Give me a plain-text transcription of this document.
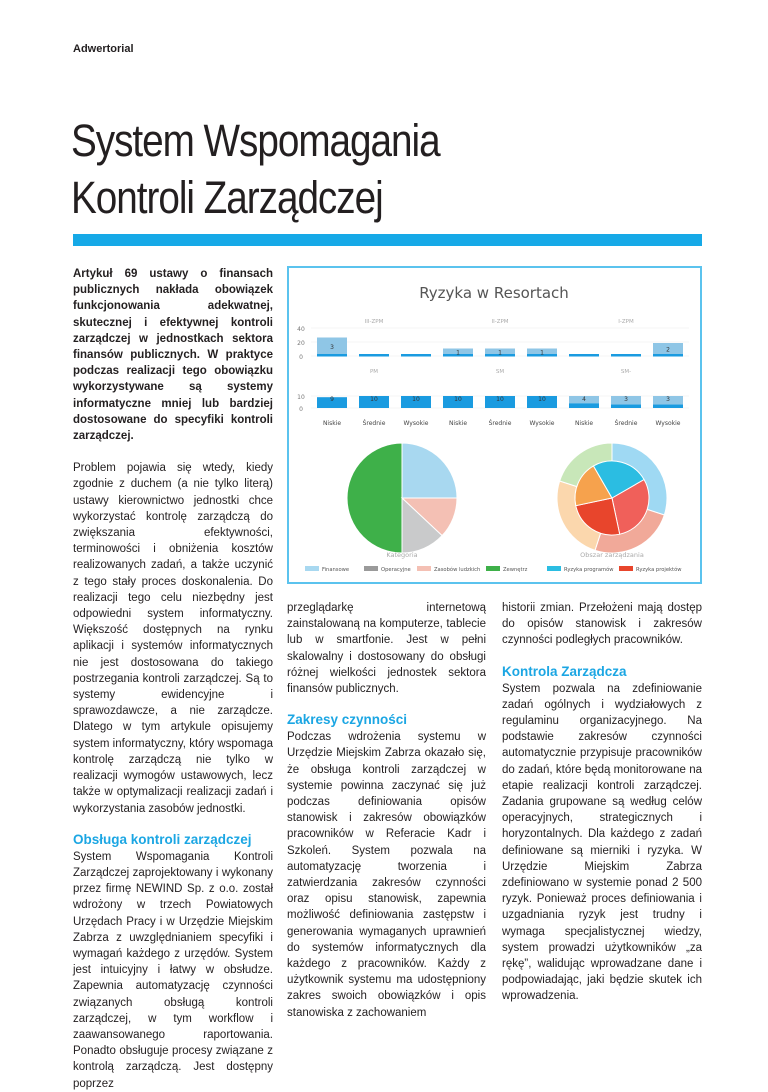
Adwertorial
System Wspomagania
Kontroli Zarządczej

Artykuł 69 ustawy o finansach publicznych nakłada obowiązek funkcjonowania adekwatnej, skutecznej i efektywnej kontroli zarządczej w jednostkach sektora finansów publicznych. W praktyce podczas realizacji tego obowiązku wykorzystywane są systemy informatyczne mniej lub bardziej dostosowane do specyfiki kontroli zarządczej.

Problem pojawia się wtedy, kiedy zgodnie z duchem (a nie tylko literą) ustawy kierownictwo jednostki chce wykorzystać kontrolę zarządczą do zwiększania efektywności, terminowości i obniżenia kosztów realizowanych zadań, a także uczynić z tego stały proces doskonalenia. Do realizacji tego celu niezbędny jest odpowiedni system informatyczny. Większość dostępnych na rynku aplikacji i systemów informatycznych nie jest dostosowana do takiego postrzegania kontroli zarządczej. Są to systemy ewidencyjne i sprawozdawcze, a nie zarządcze. Dlatego w tym artykule opisujemy system informatyczny, który wspomaga kontrolę zarządczą nie tylko w realizacji wymogów ustawowych, lecz także w optymalizacji realizacji zadań i wykorzystania zasobów jednostki.

Obsługa kontroli zarządczej

System Wspomagania Kontroli Zarządczej zaprojektowany i wykonany przez firmę NEWIND Sp. z o.o. został wdrożony w trzech Powiatowych Urzędach Pracy i w Urzędzie Miejskim Zabrza z uwzględnianiem specyfiki i wymagań każdego z urzędów. System jest intuicyjny i łatwy w obsłudze. Zapewnia automatyzację czynności związanych obsługą kontroli zarządczej, w tym workflow i zaawansowanego raportowania. Ponadto obsługuje procesy związane z kontrolą zarządczą. Jest dostępny poprzez

Ryzyka w Resortach
40
20
0
III-ZPM
3
II-ZPM
1	1	1
I-ZPM
2
10
0
PM
9	10	10
SM
10	10	10
SM-
4	3	3
Niskie	Średnie	Wysokie	Niskie	Średnie	Wysokie	Niskie	Średnie	Wysokie
Kategoria	Obszar zarządzania
Finansowe	Operacyjne	Zasobów ludzkich	Zewnętrz	Ryzyka programów	Ryzyka projektów

przeglądarkę internetową zainstalowaną na komputerze, tablecie lub w smartfonie. Jest w pełni skalowalny i dostosowany do obsługi różnej wielkości jednostek sektora finansów publicznych.

Zakresy czynności

Podczas wdrożenia systemu w Urzędzie Miejskim Zabrza okazało się, że obsługa kontroli zarządczej w systemie powinna zaczynać się już podczas definiowania opisów stanowisk i zakresów obowiązków pracowników w Referacie Kadr i Szkoleń. System pozwala na automatyzację tworzenia i zatwierdzania zakresów czynności oraz opisu stanowisk, zapewnia możliwość definiowania zastępstw i generowania wymaganych uprawnień do systemów informatycznych dla każdego z pracowników. Każdy z użytkownik systemu ma udostępniony zakres swoich obowiązków i opis stanowiska z zachowaniem

historii zmian. Przełożeni mają dostęp do opisów stanowisk i zakresów czynności podległych pracowników.

Kontrola Zarządcza

System pozwala na zdefiniowanie zadań ogólnych i wydziałowych z regulaminu organizacyjnego. Na podstawie zakresów czynności automatycznie przypisuje pracowników do zadań, które będą monitorowane na etapie realizacji kontroli zarządczej. Zadania grupowane są według celów operacyjnych, strategicznych i horyzontalnych. Dla każdego z zadań definiowane są mierniki i ryzyka. W Urzędzie Miejskim Zabrza zdefiniowano w systemie ponad 2 500 ryzyk. Ponieważ proces definiowania i uzgadniania ryzyk jest trudny i wymaga specjalistycznej wiedzy, system prowadzi użytkowników „za rękę”, walidując wprowadzane dane i podpowiadając, jaki będzie skutek ich wprowadzenia.
